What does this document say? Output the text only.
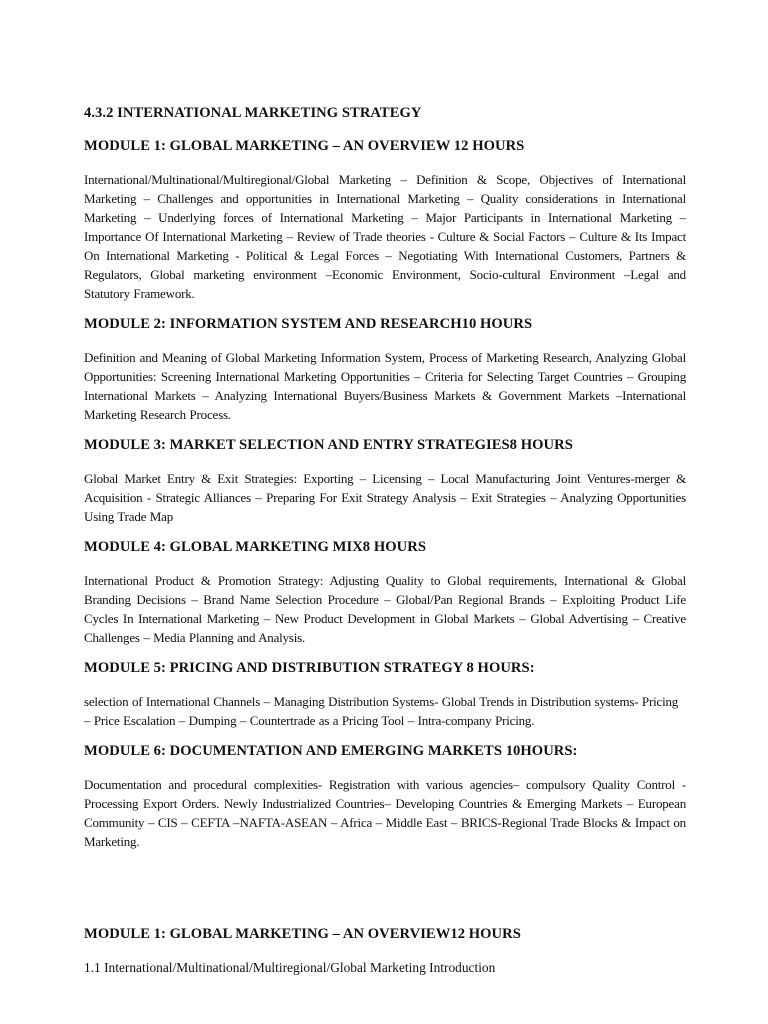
4.3.2 INTERNATIONAL MARKETING STRATEGY
MODULE 1: GLOBAL MARKETING – AN OVERVIEW 12 HOURS
International/Multinational/Multiregional/Global Marketing – Definition & Scope, Objectives of International Marketing – Challenges and opportunities in International Marketing – Quality considerations in International Marketing – Underlying forces of International Marketing – Major Participants in International Marketing – Importance Of International Marketing – Review of Trade theories - Culture & Social Factors – Culture & Its Impact On International Marketing - Political & Legal Forces – Negotiating With International Customers, Partners & Regulators, Global marketing environment –Economic Environment, Socio-cultural Environment –Legal and Statutory Framework.
MODULE 2: INFORMATION SYSTEM AND RESEARCH10 HOURS
Definition and Meaning of Global Marketing Information System, Process of Marketing Research, Analyzing Global Opportunities: Screening International Marketing Opportunities – Criteria for Selecting Target Countries – Grouping International Markets – Analyzing International Buyers/Business Markets & Government Markets –International Marketing Research Process.
MODULE 3: MARKET SELECTION AND ENTRY STRATEGIES8 HOURS
Global Market Entry & Exit Strategies: Exporting – Licensing – Local Manufacturing Joint Ventures-merger & Acquisition - Strategic Alliances – Preparing For Exit Strategy Analysis – Exit Strategies – Analyzing Opportunities Using Trade Map
MODULE 4: GLOBAL MARKETING MIX8 HOURS
International Product & Promotion Strategy: Adjusting Quality to Global requirements, International & Global Branding Decisions – Brand Name Selection Procedure – Global/Pan Regional Brands – Exploiting Product Life Cycles In International Marketing – New Product Development in Global Markets – Global Advertising – Creative Challenges – Media Planning and Analysis.
MODULE 5: PRICING AND DISTRIBUTION STRATEGY 8 HOURS:
selection of International Channels – Managing Distribution Systems- Global Trends in Distribution systems- Pricing – Price Escalation – Dumping – Countertrade as a Pricing Tool – Intra-company Pricing.
MODULE 6: DOCUMENTATION AND EMERGING MARKETS 10HOURS:
Documentation and procedural complexities- Registration with various agencies– compulsory Quality Control - Processing Export Orders. Newly Industrialized Countries– Developing Countries & Emerging Markets – European Community – CIS – CEFTA –NAFTA-ASEAN – Africa – Middle East – BRICS-Regional Trade Blocks & Impact on Marketing.
MODULE 1: GLOBAL MARKETING – AN OVERVIEW12 HOURS
1.1 International/Multinational/Multiregional/Global Marketing Introduction
